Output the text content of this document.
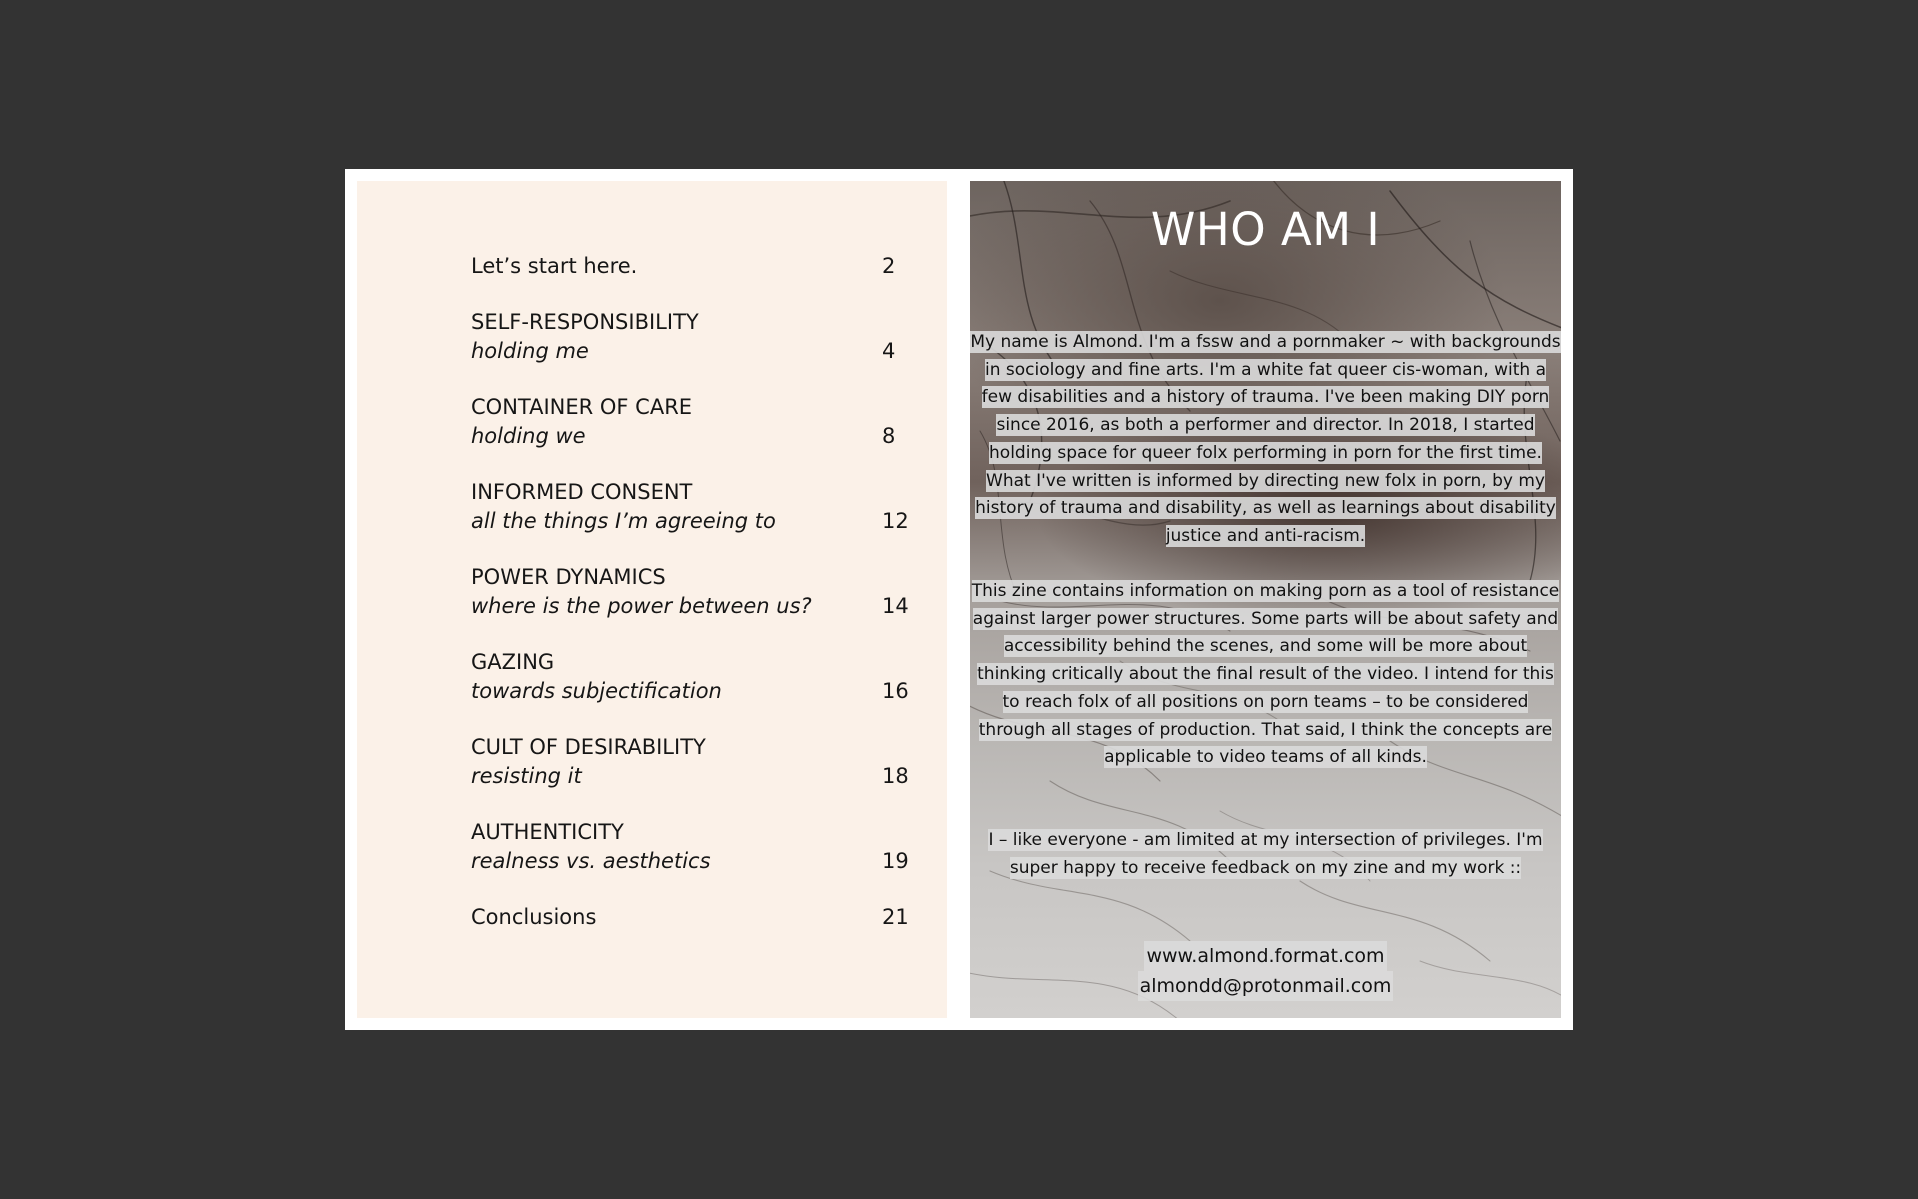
Let’s start here.	2
SELF-RESPONSIBILITY
holding me	4
CONTAINER OF CARE
holding we	8
INFORMED CONSENT
all the things I’m agreeing to	12
POWER DYNAMICS
where is the power between us?	14
GAZING
towards subjectification	16
CULT OF DESIRABILITY
resisting it	18
AUTHENTICITY
realness vs. aesthetics	19
Conclusions	21
WHO AM I

My name is Almond. I'm a fssw and a pornmaker ~ with backgrounds in sociology and fine arts. I'm a white fat queer cis-woman, with a few disabilities and a history of trauma. I've been making DIY porn since 2016, as both a performer and director. In 2018, I started holding space for queer folx performing in porn for the first time. What I've written is informed by directing new folx in porn, by my history of trauma and disability, as well as learnings about disability justice and anti-racism.

This zine contains information on making porn as a tool of resistance against larger power structures. Some parts will be about safety and accessibility behind the scenes, and some will be more about thinking critically about the final result of the video. I intend for this to reach folx of all positions on porn teams – to be considered through all stages of production. That said, I think the concepts are applicable to video teams of all kinds.

I – like everyone - am limited at my intersection of privileges. I'm super happy to receive feedback on my zine and my work ::

www.almond.format.com
almondd@protonmail.com
